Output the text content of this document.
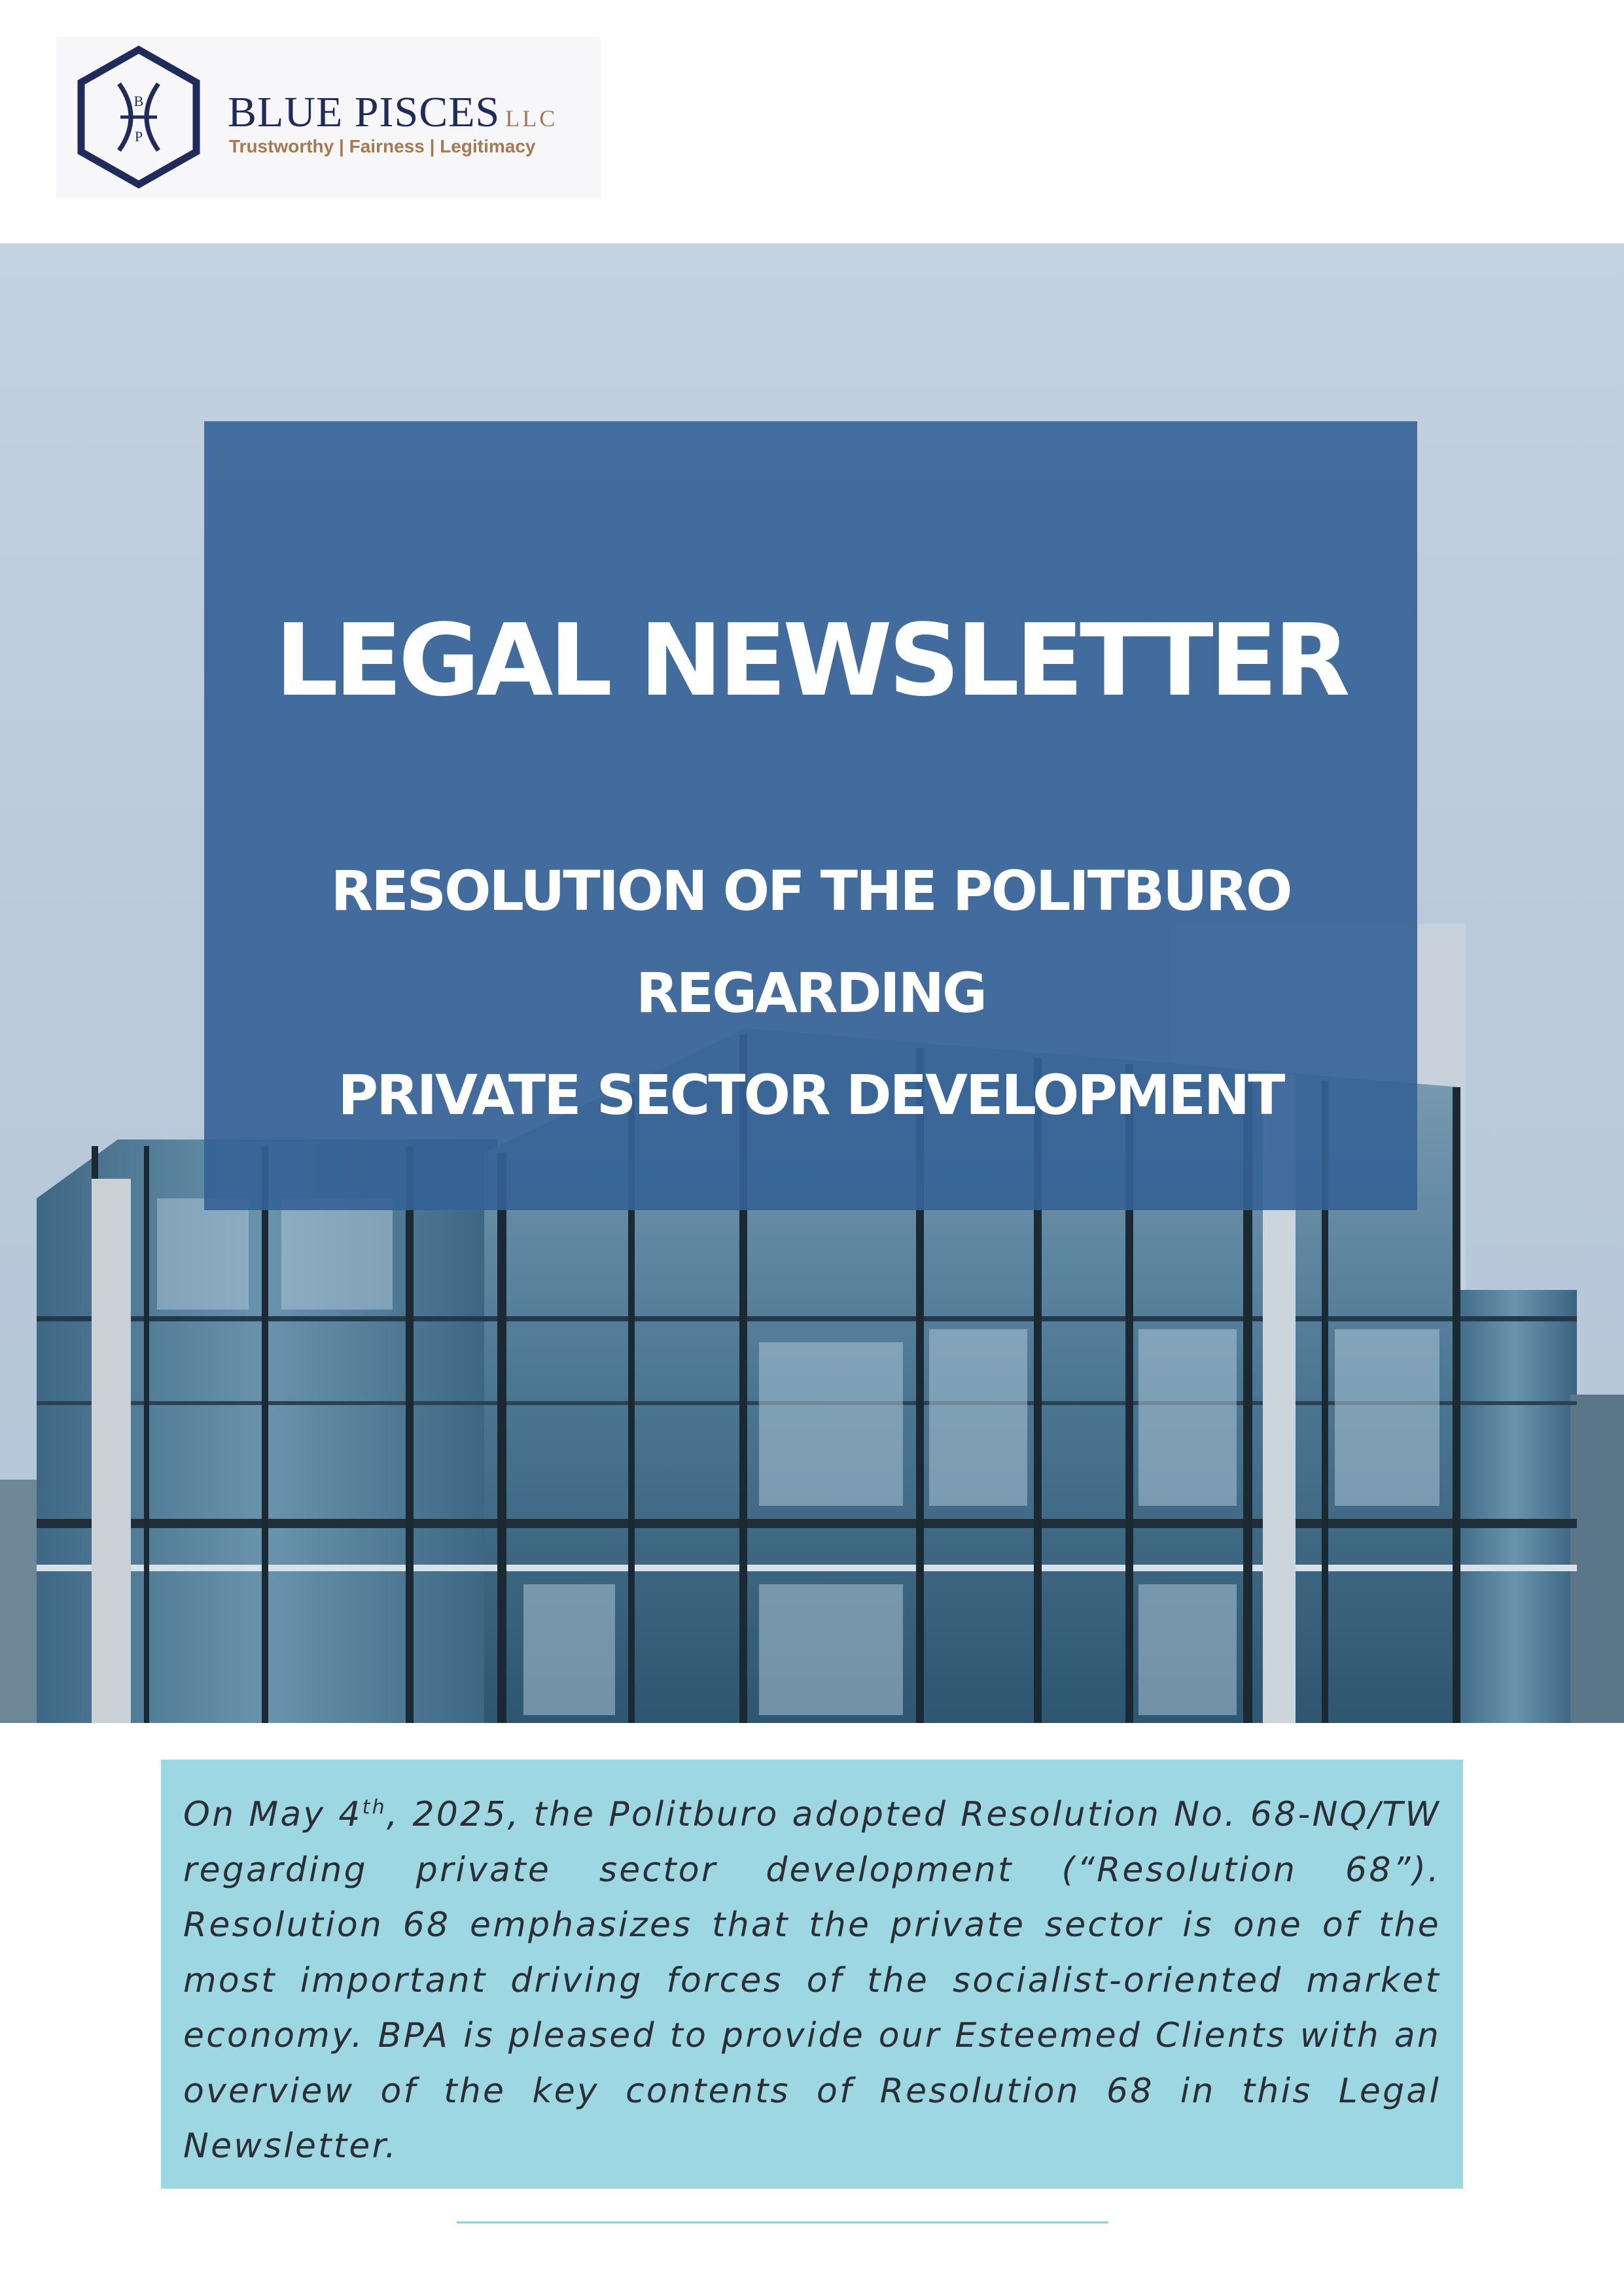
B
P
BLUE PISCES LLC
Trustworthy | Fairness | Legitimacy
LEGAL NEWSLETTER
RESOLUTION OF THE POLITBURO REGARDING
PRIVATE SECTOR DEVELOPMENT

On May 4th, 2025, the Politburo adopted Resolution No. 68-NQ/TW regarding private sector development (“Resolution 68”). Resolution 68 emphasizes that the private sector is one of the most important driving forces of the socialist-oriented market economy. BPA is pleased to provide our Esteemed Clients with an overview of the key contents of Resolution 68 in this Legal Newsletter.
